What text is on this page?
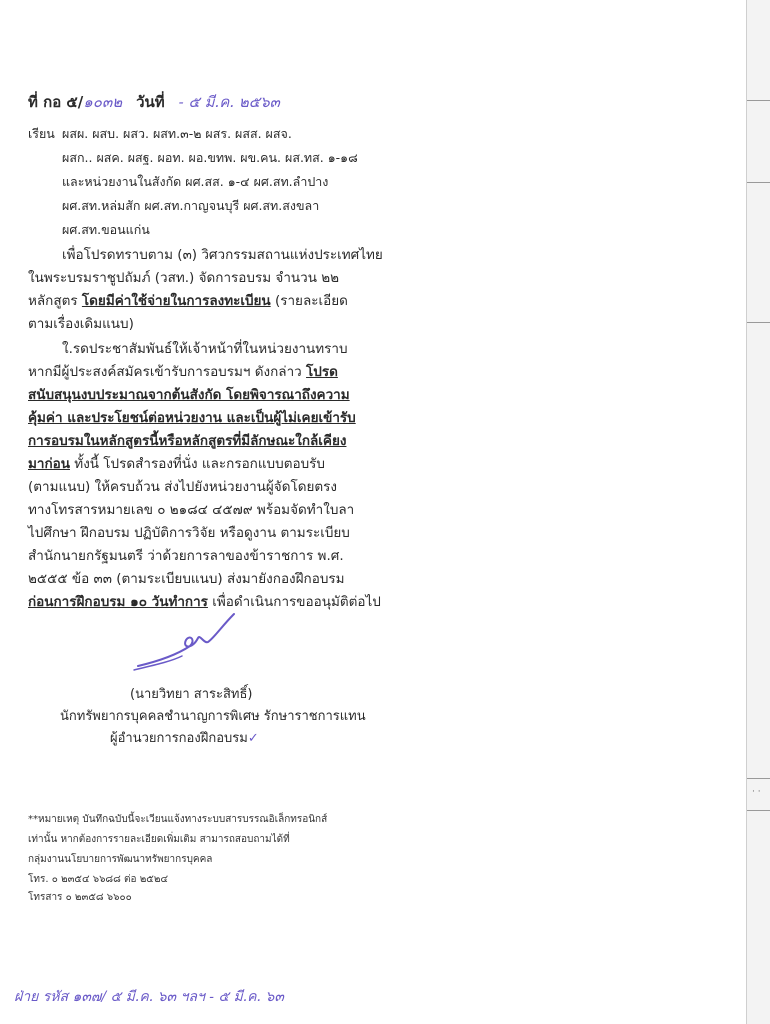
· ·
ที่ กอ ๕/๑๐๓๒ วันที่ - ๕ มี.ค. ๒๕๖๓
เรียน ผสผ. ผสบ. ผสว. ผสท.๓-๒ ผสร. ผสส. ผสจ.
ผสก.. ผสค. ผสฐ. ผอท. ผอ.ขทพ. ผข.คน. ผส.ทส. ๑-๑๘
และหน่วยงานในสังกัด ผศ.สส. ๑-๔ ผศ.สท.ลำปาง
ผศ.สท.หล่มสัก ผศ.สท.กาญจนบุรี ผศ.สท.สงขลา
ผศ.สท.ขอนแก่น
เพื่อโปรดทราบตาม (๓) วิศวกรรมสถานแห่งประเทศไทย
ในพระบรมราชูปถัมภ์ (วสท.) จัดการอบรม จำนวน ๒๒
หลักสูตร โดยมีค่าใช้จ่ายในการลงทะเบียน (รายละเอียด
ตามเรื่องเดิมแนบ)
ใ.รดประชาสัมพันธ์ให้เจ้าหน้าที่ในหน่วยงานทราบ
หากมีผู้ประสงค์สมัครเข้ารับการอบรมฯ ดังกล่าว โปรด
สนับสนุนงบประมาณจากต้นสังกัด โดยพิจารณาถึงความ
คุ้มค่า และประโยชน์ต่อหน่วยงาน และเป็นผู้ไม่เคยเข้ารับ
การอบรมในหลักสูตรนี้หรือหลักสูตรที่มีลักษณะใกล้เคียง
มาก่อน ทั้งนี้ โปรดสำรองที่นั่ง และกรอกแบบตอบรับ
(ตามแนบ) ให้ครบถ้วน ส่งไปยังหน่วยงานผู้จัดโดยตรง
ทางโทรสารหมายเลข ๐ ๒๑๘๔ ๔๕๗๙ พร้อมจัดทำใบลา
ไปศึกษา ฝึกอบรม ปฏิบัติการวิจัย หรือดูงาน ตามระเบียบ
สำนักนายกรัฐมนตรี ว่าด้วยการลาของข้าราชการ พ.ศ.
๒๕๕๕ ข้อ ๓๓ (ตามระเบียบแนบ) ส่งมายังกองฝึกอบรม
ก่อนการฝึกอบรม ๑๐ วันทำการ เพื่อดำเนินการขออนุมัติต่อไป
(นายวิทยา สาระสิทธิ์)
นักทรัพยากรบุคคลชำนาญการพิเศษ รักษาราชการแทน
ผู้อำนวยการกองฝึกอบรม✓
**หมายเหตุ บันทึกฉบับนี้จะเวียนแจ้งทางระบบสารบรรณอิเล็กทรอนิกส์
เท่านั้น หากต้องการรายละเอียดเพิ่มเติม สามารถสอบถามได้ที่
กลุ่มงานนโยบายการพัฒนาทรัพยากรบุคคล
โทร. ๐ ๒๓๕๔ ๖๖๘๘ ต่อ ๒๕๒๔
โทรสาร ๐ ๒๓๕๘ ๖๖๐๐
ฝ่าย รหัส ๑๓๗/ ๕ มี.ค. ๖๓ ฯลฯ - ๕ มี.ค. ๖๓
